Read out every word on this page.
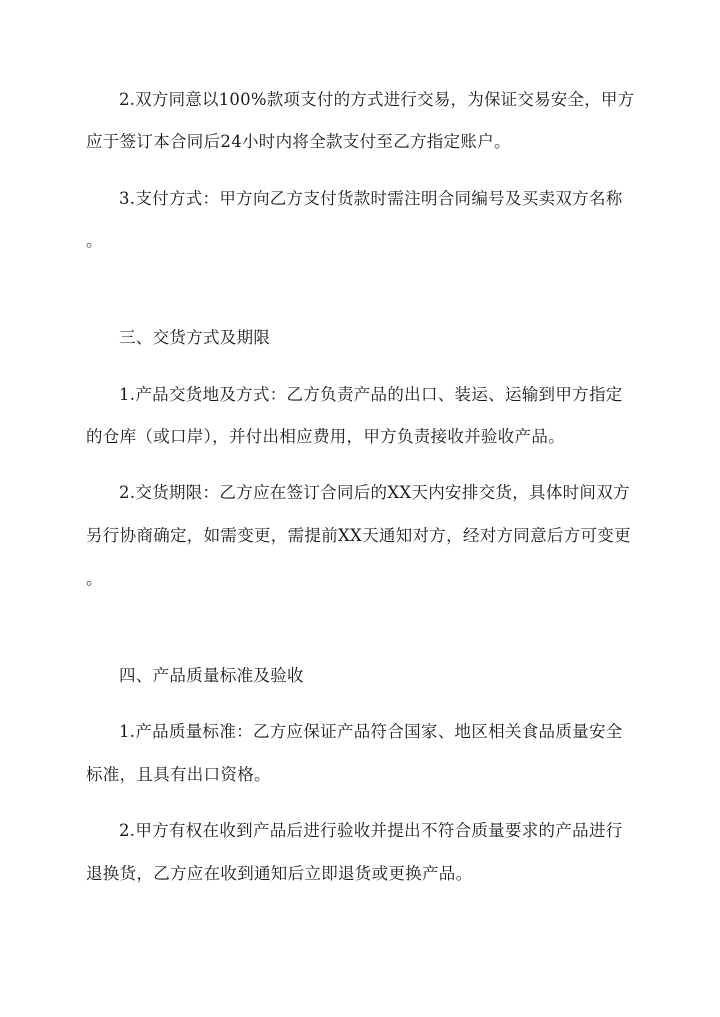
2.双方同意以100%款项支付的方式进行交易，为保证交易安全，甲方
应于签订本合同后24小时内将全款支付至乙方指定账户。
3.支付方式：甲方向乙方支付货款时需注明合同编号及买卖双方名称
。
三、交货方式及期限
1.产品交货地及方式：乙方负责产品的出口、装运、运输到甲方指定
的仓库（或口岸），并付出相应费用，甲方负责接收并验收产品。
2.交货期限：乙方应在签订合同后的XX天内安排交货，具体时间双方
另行协商确定，如需变更，需提前XX天通知对方，经对方同意后方可变更
。
四、产品质量标准及验收
1.产品质量标准：乙方应保证产品符合国家、地区相关食品质量安全
标准，且具有出口资格。
2.甲方有权在收到产品后进行验收并提出不符合质量要求的产品进行
退换货，乙方应在收到通知后立即退货或更换产品。
